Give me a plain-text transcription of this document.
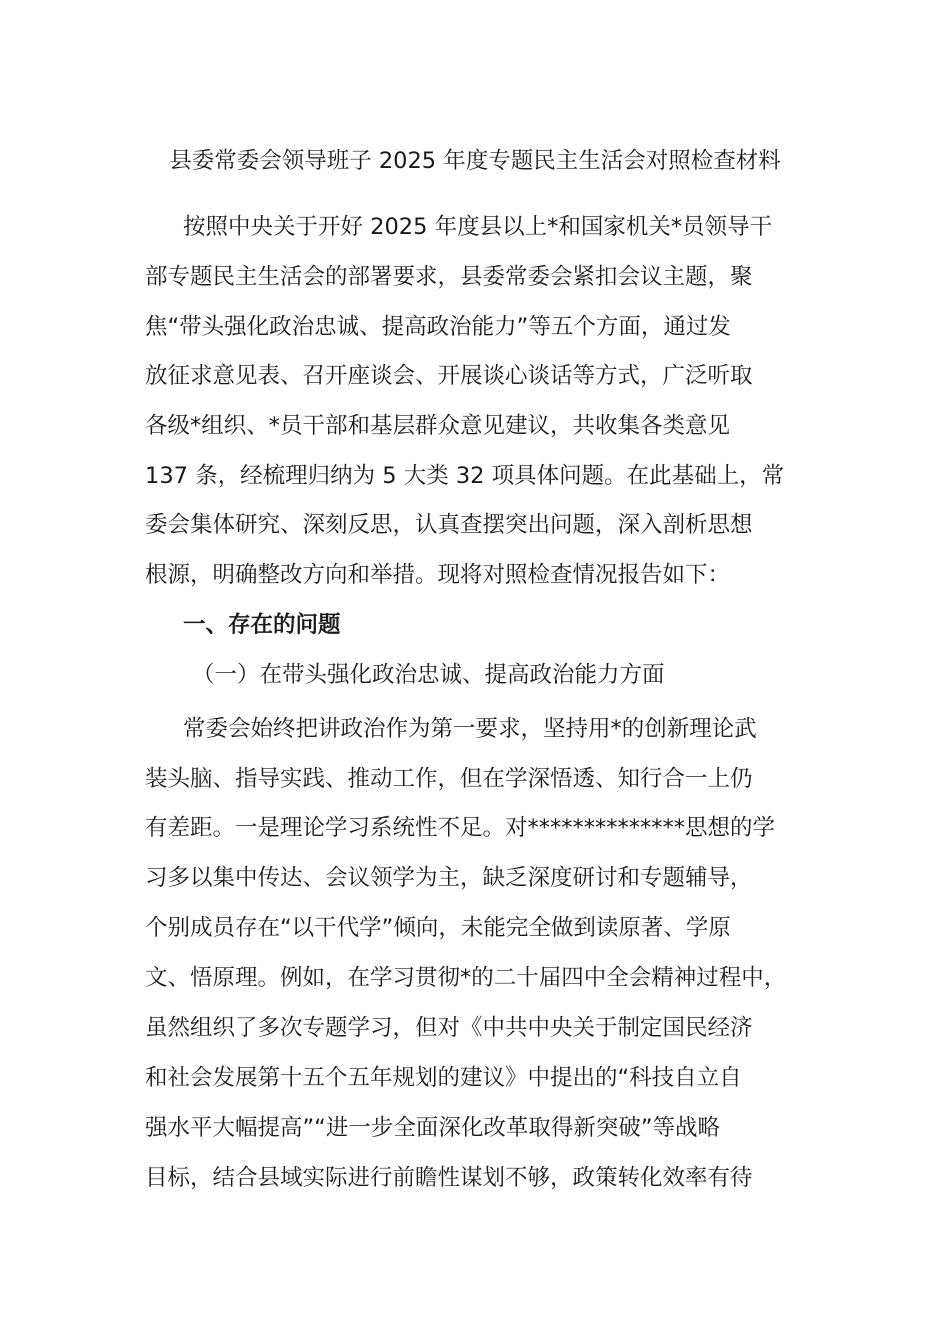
县委常委会领导班子 2025 年度专题民主生活会对照检查材料
按照中央关于开好 2025 年度县以上*和国家机关*员领导干
部专题民主生活会的部署要求，县委常委会紧扣会议主题，聚
焦“带头强化政治忠诚、提高政治能力”等五个方面，通过发
放征求意见表、召开座谈会、开展谈心谈话等方式，广泛听取
各级*组织、*员干部和基层群众意见建议，共收集各类意见
137 条，经梳理归纳为 5 大类 32 项具体问题。在此基础上，常
委会集体研究、深刻反思，认真查摆突出问题，深入剖析思想
根源，明确整改方向和举措。现将对照检查情况报告如下：
一、存在的问题
（一）在带头强化政治忠诚、提高政治能力方面
常委会始终把讲政治作为第一要求，坚持用*的创新理论武
装头脑、指导实践、推动工作，但在学深悟透、知行合一上仍
有差距。一是理论学习系统性不足。对**************思想的学
习多以集中传达、会议领学为主，缺乏深度研讨和专题辅导，
个别成员存在“以干代学”倾向，未能完全做到读原著、学原
文、悟原理。例如，在学习贯彻*的二十届四中全会精神过程中，
虽然组织了多次专题学习，但对《中共中央关于制定国民经济
和社会发展第十五个五年规划的建议》中提出的“科技自立自
强水平大幅提高”“进一步全面深化改革取得新突破”等战略
目标，结合县域实际进行前瞻性谋划不够，政策转化效率有待
